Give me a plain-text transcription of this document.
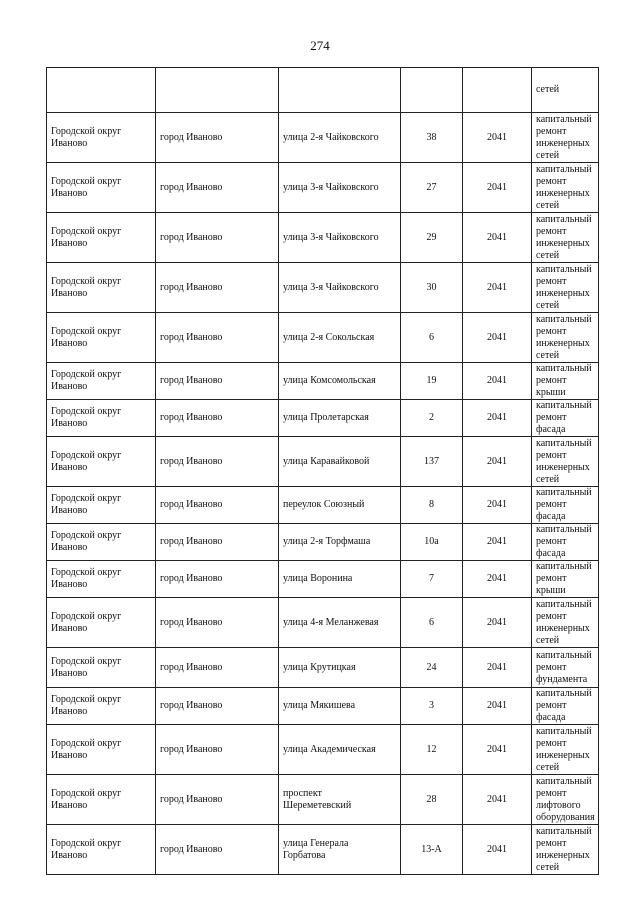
274

					сетей

Городской округ
Иваново	город Иваново	улица 2-я Чайковского	38	2041	капитальный
ремонт
инженерных
сетей

Городской округ
Иваново	город Иваново	улица 3-я Чайковского	27	2041	капитальный
ремонт
инженерных
сетей

Городской округ
Иваново	город Иваново	улица 3-я Чайковского	29	2041	капитальный
ремонт
инженерных
сетей

Городской округ
Иваново	город Иваново	улица 3-я Чайковского	30	2041	капитальный
ремонт
инженерных
сетей

Городской округ
Иваново	город Иваново	улица 2-я Сокольская	6	2041	капитальный
ремонт
инженерных
сетей

Городской округ
Иваново	город Иваново	улица Комсомольская	19	2041	капитальный
ремонт крыши

Городской округ
Иваново	город Иваново	улица Пролетарская	2	2041	капитальный
ремонт фасада

Городской округ
Иваново	город Иваново	улица Каравайковой	137	2041	капитальный
ремонт
инженерных
сетей

Городской округ
Иваново	город Иваново	переулок Союзный	8	2041	капитальный
ремонт фасада

Городской округ
Иваново	город Иваново	улица 2-я Торфмаша	10а	2041	капитальный
ремонт фасада

Городской округ
Иваново	город Иваново	улица Воронина	7	2041	капитальный
ремонт крыши

Городской округ
Иваново	город Иваново	улица 4-я Меланжевая	6	2041	капитальный
ремонт
инженерных
сетей

Городской округ
Иваново	город Иваново	улица Крутицкая	24	2041	капитальный
ремонт
фундамента

Городской округ
Иваново	город Иваново	улица Мякишева	3	2041	капитальный
ремонт фасада

Городской округ
Иваново	город Иваново	улица Академическая	12	2041	капитальный
ремонт
инженерных
сетей

Городской округ
Иваново	город Иваново	проспект
Шереметевский	28	2041	капитальный
ремонт
лифтового
оборудования

Городской округ
Иваново	город Иваново	улица Генерала
Горбатова	13-А	2041	капитальный
ремонт
инженерных
сетей
